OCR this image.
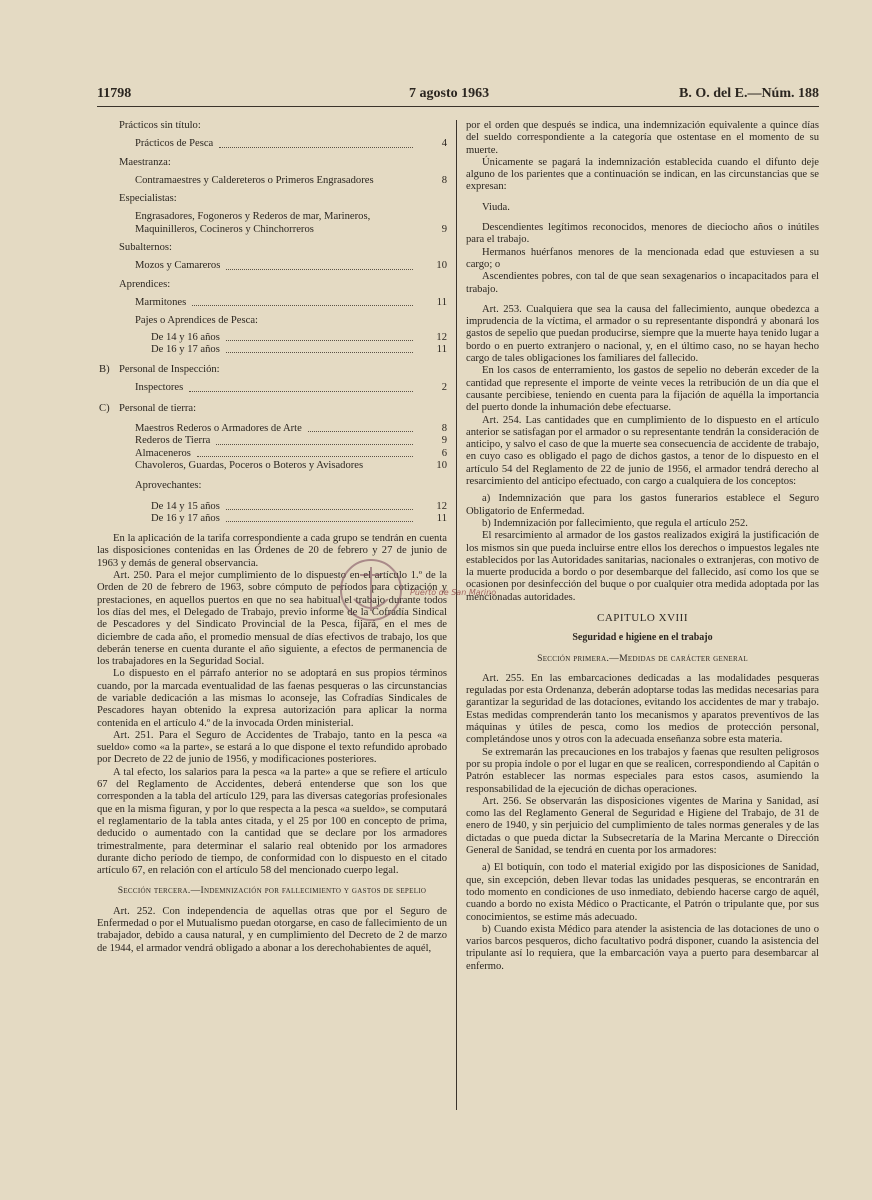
11798	7 agosto 1963	B. O. del E.—Núm. 188
Prácticos sin título:
Prácticos de Pesca	4
Maestranza:
Contramaestres y Caldereteros o Primeros Engrasadores	8
Especialistas:
Engrasadores, Fogoneros y Rederos de mar, Marineros, Maquinilleros, Cocineros y Chinchorreros	9
Subalternos:
Mozos y Camareros	10
Aprendices:
Marmitones	11
Pajes o Aprendices de Pesca:
De 14 y 16 años	12
De 16 y 17 años	11
B) Personal de Inspección:
Inspectores	2
C) Personal de tierra:
Maestros Rederos o Armadores de Arte	8
Rederos de Tierra	9
Almaceneros	6
Chavoleros, Guardas, Poceros o Boteros y Avisadores	10
Aprovechantes:
De 14 y 15 años	12
De 16 y 17 años	11

En la aplicación de la tarifa correspondiente a cada grupo se tendrán en cuenta las disposiciones contenidas en las Órdenes de 20 de febrero y 27 de junio de 1963 y demás de general observancia.

Art. 250. Para el mejor cumplimiento de lo dispuesto en el artículo 1.º de la Orden de 20 de febrero de 1963, sobre cómputo de períodos para cotización y prestaciones, en aquellos puertos en que no sea habitual el trabajo durante todos los días del mes, el Delegado de Trabajo, previo informe de la Cofradía Sindical de Pescadores y del Sindicato Provincial de la Pesca, fijará, en el mes de diciembre de cada año, el promedio mensual de días efectivos de trabajo, los que deberán tenerse en cuenta durante el año siguiente, a efectos de permanencia de los trabajadores en la Seguridad Social.

Lo dispuesto en el párrafo anterior no se adoptará en sus propios términos cuando, por la marcada eventualidad de las faenas pesqueras o las circunstancias de variable dedicación a las mismas lo aconseje, las Cofradías Sindicales de Pescadores hayan obtenido la expresa autorización para aplicar la norma contenida en el artículo 4.º de la invocada Orden ministerial.

Art. 251. Para el Seguro de Accidentes de Trabajo, tanto en la pesca «a sueldo» como «a la parte», se estará a lo que dispone el texto refundido aprobado por Decreto de 22 de junio de 1956, y modificaciones posteriores.

A tal efecto, los salarios para la pesca «a la parte» a que se refiere el artículo 67 del Reglamento de Accidentes, deberá entenderse que son los que corresponden a la tabla del artículo 129, para las diversas categorías profesionales que en la misma figuran, y por lo que respecta a la pesca «a sueldo», se computará el reglamentario de la tabla antes citada, y el 25 por 100 en concepto de prima, deducido o aumentado con la cantidad que se declare por los armadores trimestralmente, para determinar el salario real obtenido por los armadores durante dicho período de tiempo, de conformidad con lo dispuesto en el citado artículo 67, en relación con el artículo 58 del mencionado cuerpo legal.

Sección tercera.—Indemnización por fallecimiento y gastos de sepelio

Art. 252. Con independencia de aquellas otras que por el Seguro de Enfermedad o por el Mutualismo puedan otorgarse, en caso de fallecimiento de un trabajador, debido a causa natural, y en cumplimiento del Decreto de 2 de marzo de 1944, el armador vendrá obligado a abonar a los derechohabientes de aquél,

por el orden que después se indica, una indemnización equivalente a quince días del sueldo correspondiente a la categoría que ostentase en el momento de su muerte.

Únicamente se pagará la indemnización establecida cuando el difunto deje alguno de los parientes que a continuación se indican, en las circunstancias que se expresan:

Viuda.

Descendientes legítimos reconocidos, menores de dieciocho años o inútiles para el trabajo.

Hermanos huérfanos menores de la mencionada edad que estuviesen a su cargo; o

Ascendientes pobres, con tal de que sean sexagenarios o incapacitados para el trabajo.

Art. 253. Cualquiera que sea la causa del fallecimiento, aunque obedezca a imprudencia de la víctima, el armador o su representante dispondrá y abonará los gastos de sepelio que puedan producirse, siempre que la muerte haya tenido lugar a bordo o en puerto extranjero o nacional, y, en el último caso, no se hayan hecho cargo de tales obligaciones los familiares del fallecido.

En los casos de enterramiento, los gastos de sepelio no deberán exceder de la cantidad que represente el importe de veinte veces la retribución de un día que el causante percibiese, teniendo en cuenta para la fijación de aquélla la importancia del puerto donde la inhumación debe efectuarse.

Art. 254. Las cantidades que en cumplimiento de lo dispuesto en el artículo anterior se satisfagan por el armador o su representante tendrán la consideración de anticipo, y salvo el caso de que la muerte sea consecuencia de accidente de trabajo, en cuyo caso es obligado el pago de dichos gastos, a tenor de lo dispuesto en el artículo 54 del Reglamento de 22 de junio de 1956, el armador tendrá derecho al resarcimiento del anticipo efectuado, con cargo a cualquiera de los conceptos:

a) Indemnización que para los gastos funerarios establece el Seguro Obligatorio de Enfermedad.

b) Indemnización por fallecimiento, que regula el artículo 252.

El resarcimiento al armador de los gastos realizados exigirá la justificación de los mismos sin que pueda incluirse entre ellos los derechos o impuestos legales nte establecidos por las Autoridades sanitarias, nacionales o extranjeras, con motivo de la muerte producida a bordo o por desembarque del fallecido, así como los que se ocasionen por desinfección del buque o por cualquier otra medida adoptada por las mencionadas autoridades.

CAPITULO XVIII

Seguridad e higiene en el trabajo

Sección primera.—Medidas de carácter general

Art. 255. En las embarcaciones dedicadas a las modalidades pesqueras reguladas por esta Ordenanza, deberán adoptarse todas las medidas necesarias para garantizar la seguridad de las dotaciones, evitando los accidentes de mar y trabajo. Estas medidas comprenderán tanto los mecanismos y aparatos preventivos de las máquinas y útiles de pesca, como los medios de protección personal, completándose unos y otros con la adecuada enseñanza sobre esta materia.

Se extremarán las precauciones en los trabajos y faenas que resulten peligrosos por su propia índole o por el lugar en que se realicen, correspondiendo al Capitán o Patrón establecer las normas especiales para estos casos, asumiendo la responsabilidad de la ejecución de dichas operaciones.

Art. 256. Se observarán las disposiciones vigentes de Marina y Sanidad, así como las del Reglamento General de Seguridad e Higiene del Trabajo, de 31 de enero de 1940, y sin perjuicio del cumplimiento de tales normas generales y de las dictadas o que pueda dictar la Subsecretaría de la Marina Mercante o Dirección General de Sanidad, se tendrá en cuenta por los armadores:

a) El botiquín, con todo el material exigido por las disposiciones de Sanidad, que, sin excepción, deben llevar todas las unidades pesqueras, se encontrarán en todo momento en condiciones de uso inmediato, debiendo hacerse cargo de aquél, cuando a bordo no exista Médico o Practicante, el Patrón o tripulante que, por sus conocimientos, se estime más adecuado.

b) Cuando exista Médico para atender la asistencia de las dotaciones de uno o varios barcos pesqueros, dicho facultativo podrá disponer, cuando la asistencia del tripulante así lo requiera, que la embarcación vaya a puerto para desembarcar al enfermo.

Puerto de San Marino
